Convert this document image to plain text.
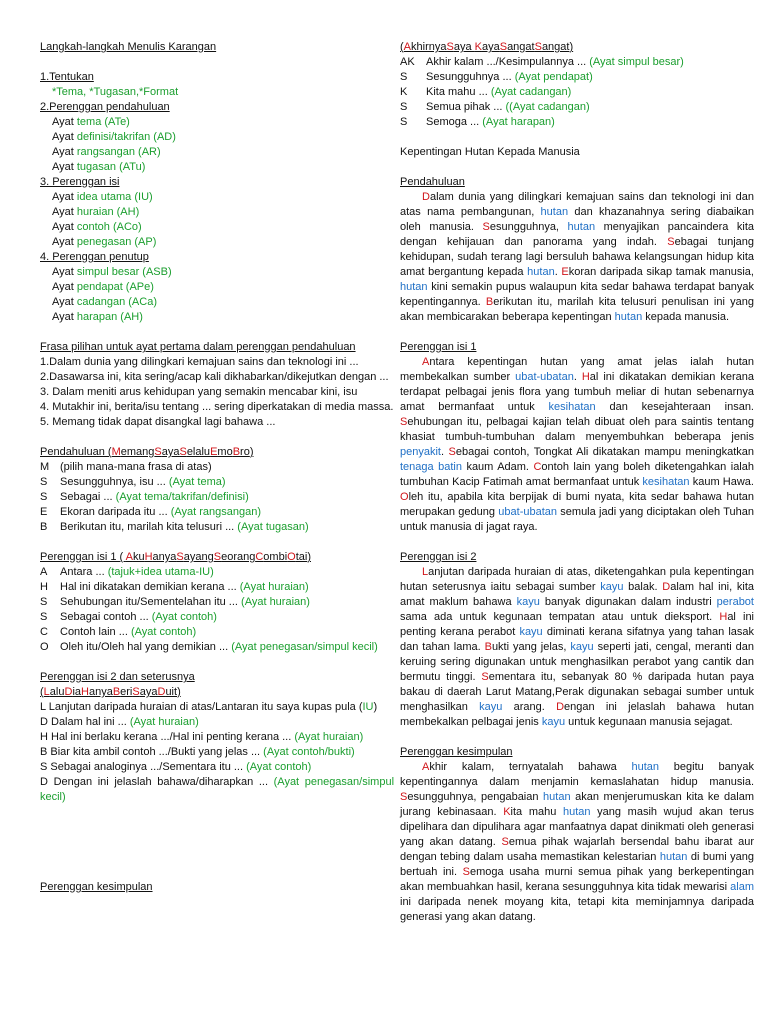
Langkah-langkah Menulis Karangan

1.Tentukan

*Tema, *Tugasan,*Format

2.Perenggan pendahuluan

Ayat tema (ATe)

Ayat definisi/takrifan (AD)

Ayat rangsangan (AR)

Ayat tugasan (ATu)

3. Perenggan isi

Ayat idea utama (IU)

Ayat huraian (AH)

Ayat contoh (ACo)

Ayat penegasan (AP)

4. Perenggan penutup

Ayat simpul besar (ASB)

Ayat pendapat (APe)

Ayat cadangan (ACa)

Ayat harapan (AH)

Frasa pilihan untuk ayat pertama dalam perenggan pendahuluan

1.Dalam dunia yang dilingkari kemajuan sains dan teknologi ini ...

2.Dasawarsa ini, kita sering/acap kali dikhabarkan/dikejutkan dengan ...

3. Dalam meniti arus kehidupan yang semakin mencabar kini, isu

4. Mutakhir ini, berita/isu tentang ... sering diperkatakan di media massa.

5. Memang tidak dapat disangkal lagi bahawa ...

Pendahuluan (MemangSayaSelaluEmoBro)

M (pilih mana-mana frasa di atas)

S Sesungguhnya, isu ... (Ayat tema)

S Sebagai ... (Ayat tema/takrifan/definisi)

E Ekoran daripada itu ... (Ayat rangsangan)

B Berikutan itu, marilah kita telusuri ... (Ayat tugasan)

Perenggan isi 1 ( AkuHanyaSayangSeorangCombiOtai)

A Antara ... (tajuk+idea utama-IU)

H Hal ini dikatakan demikian kerana ... (Ayat huraian)

S Sehubungan itu/Sementelahan itu ... (Ayat huraian)

S Sebagai contoh ... (Ayat contoh)

C Contoh lain ... (Ayat contoh)

O Oleh itu/Oleh hal yang demikian ... (Ayat penegasan/simpul kecil)

Perenggan isi 2 dan seterusnya

(LaluDiaHanyaBeriSayaDuit)

L Lanjutan daripada huraian di atas/Lantaran itu saya kupas pula (IU)

D Dalam hal ini ... (Ayat huraian)

H Hal ini berlaku kerana .../Hal ini penting kerana ... (Ayat huraian)

B Biar kita ambil contoh .../Bukti yang jelas ... (Ayat contoh/bukti)

S Sebagai analoginya .../Sementara itu ... (Ayat contoh)

D Dengan ini jelaslah bahawa/diharapkan ... (Ayat penegasan/simpul kecil)

Perenggan kesimpulan

(AkhirnyaSaya KayaSangatSangat)

AK Akhir kalam .../Kesimpulannya ... (Ayat simpul besar)

S Sesungguhnya ... (Ayat pendapat)

K Kita mahu ... (Ayat cadangan)

S Semua pihak ... ((Ayat cadangan)

S Semoga ... (Ayat harapan)

Kepentingan Hutan Kepada Manusia

Pendahuluan

Dalam dunia yang dilingkari kemajuan sains dan teknologi ini dan atas nama pembangunan, hutan dan khazanahnya sering diabaikan oleh manusia. Sesungguhnya, hutan menyajikan pancaindera kita dengan kehijauan dan panorama yang indah. Sebagai tunjang kehidupan, sudah terang lagi bersuluh bahawa kelangsungan hidup kita amat bergantung kepada hutan. Ekoran daripada sikap tamak manusia, hutan kini semakin pupus walaupun kita sedar bahawa terdapat banyak kepentingannya. Berikutan itu, marilah kita telusuri penulisan ini yang akan membicarakan beberapa kepentingan hutan kepada manusia.

Perenggan isi 1

Antara kepentingan hutan yang amat jelas ialah hutan membekalkan sumber ubat-ubatan. Hal ini dikatakan demikian kerana terdapat pelbagai jenis flora yang tumbuh meliar di hutan sebenarnya amat bermanfaat untuk kesihatan dan kesejahteraan insan. Sehubungan itu, pelbagai kajian telah dibuat oleh para saintis tentang khasiat tumbuh-tumbuhan dalam menyembuhkan beberapa jenis penyakit. Sebagai contoh, Tongkat Ali dikatakan mampu meningkatkan tenaga batin kaum Adam. Contoh lain yang boleh diketengahkan ialah tumbuhan Kacip Fatimah amat bermanfaat untuk kesihatan kaum Hawa. Oleh itu, apabila kita berpijak di bumi nyata, kita sedar bahawa hutan merupakan gedung ubat-ubatan semula jadi yang diciptakan oleh Tuhan untuk manusia di jagat raya.

Perenggan isi 2

Lanjutan daripada huraian di atas, diketengahkan pula kepentingan hutan seterusnya iaitu sebagai sumber kayu balak. Dalam hal ini, kita amat maklum bahawa kayu banyak digunakan dalam industri perabot sama ada untuk kegunaan tempatan atau untuk dieksport. Hal ini penting kerana perabot kayu diminati kerana sifatnya yang tahan lasak dan tahan lama. Bukti yang jelas, kayu seperti jati, cengal, meranti dan keruing sering digunakan untuk menghasilkan perabot yang cantik dan bermutu tinggi. Sementara itu, sebanyak 80 % daripada hutan paya bakau di daerah Larut Matang,Perak digunakan sebagai sumber untuk menghasilkan kayu arang. Dengan ini jelaslah bahawa hutan membekalkan pelbagai jenis kayu untuk kegunaan manusia sejagat.

Perenggan kesimpulan

Akhir kalam, ternyatalah bahawa hutan begitu banyak kepentingannya dalam menjamin kemaslahatan hidup manusia. Sesungguhnya, pengabaian hutan akan menjerumuskan kita ke dalam jurang kebinasaan. Kita mahu hutan yang masih wujud akan terus dipelihara dan dipulihara agar manfaatnya dapat dinikmati oleh generasi yang akan datang. Semua pihak wajarlah bersendal bahu ibarat aur dengan tebing dalam usaha memastikan kelestarian hutan di bumi yang bertuah ini. Semoga usaha murni semua pihak yang berkepentingan akan membuahkan hasil, kerana sesungguhnya kita tidak mewarisi alam ini daripada nenek moyang kita, tetapi kita meminjamnya daripada generasi yang akan datang.
